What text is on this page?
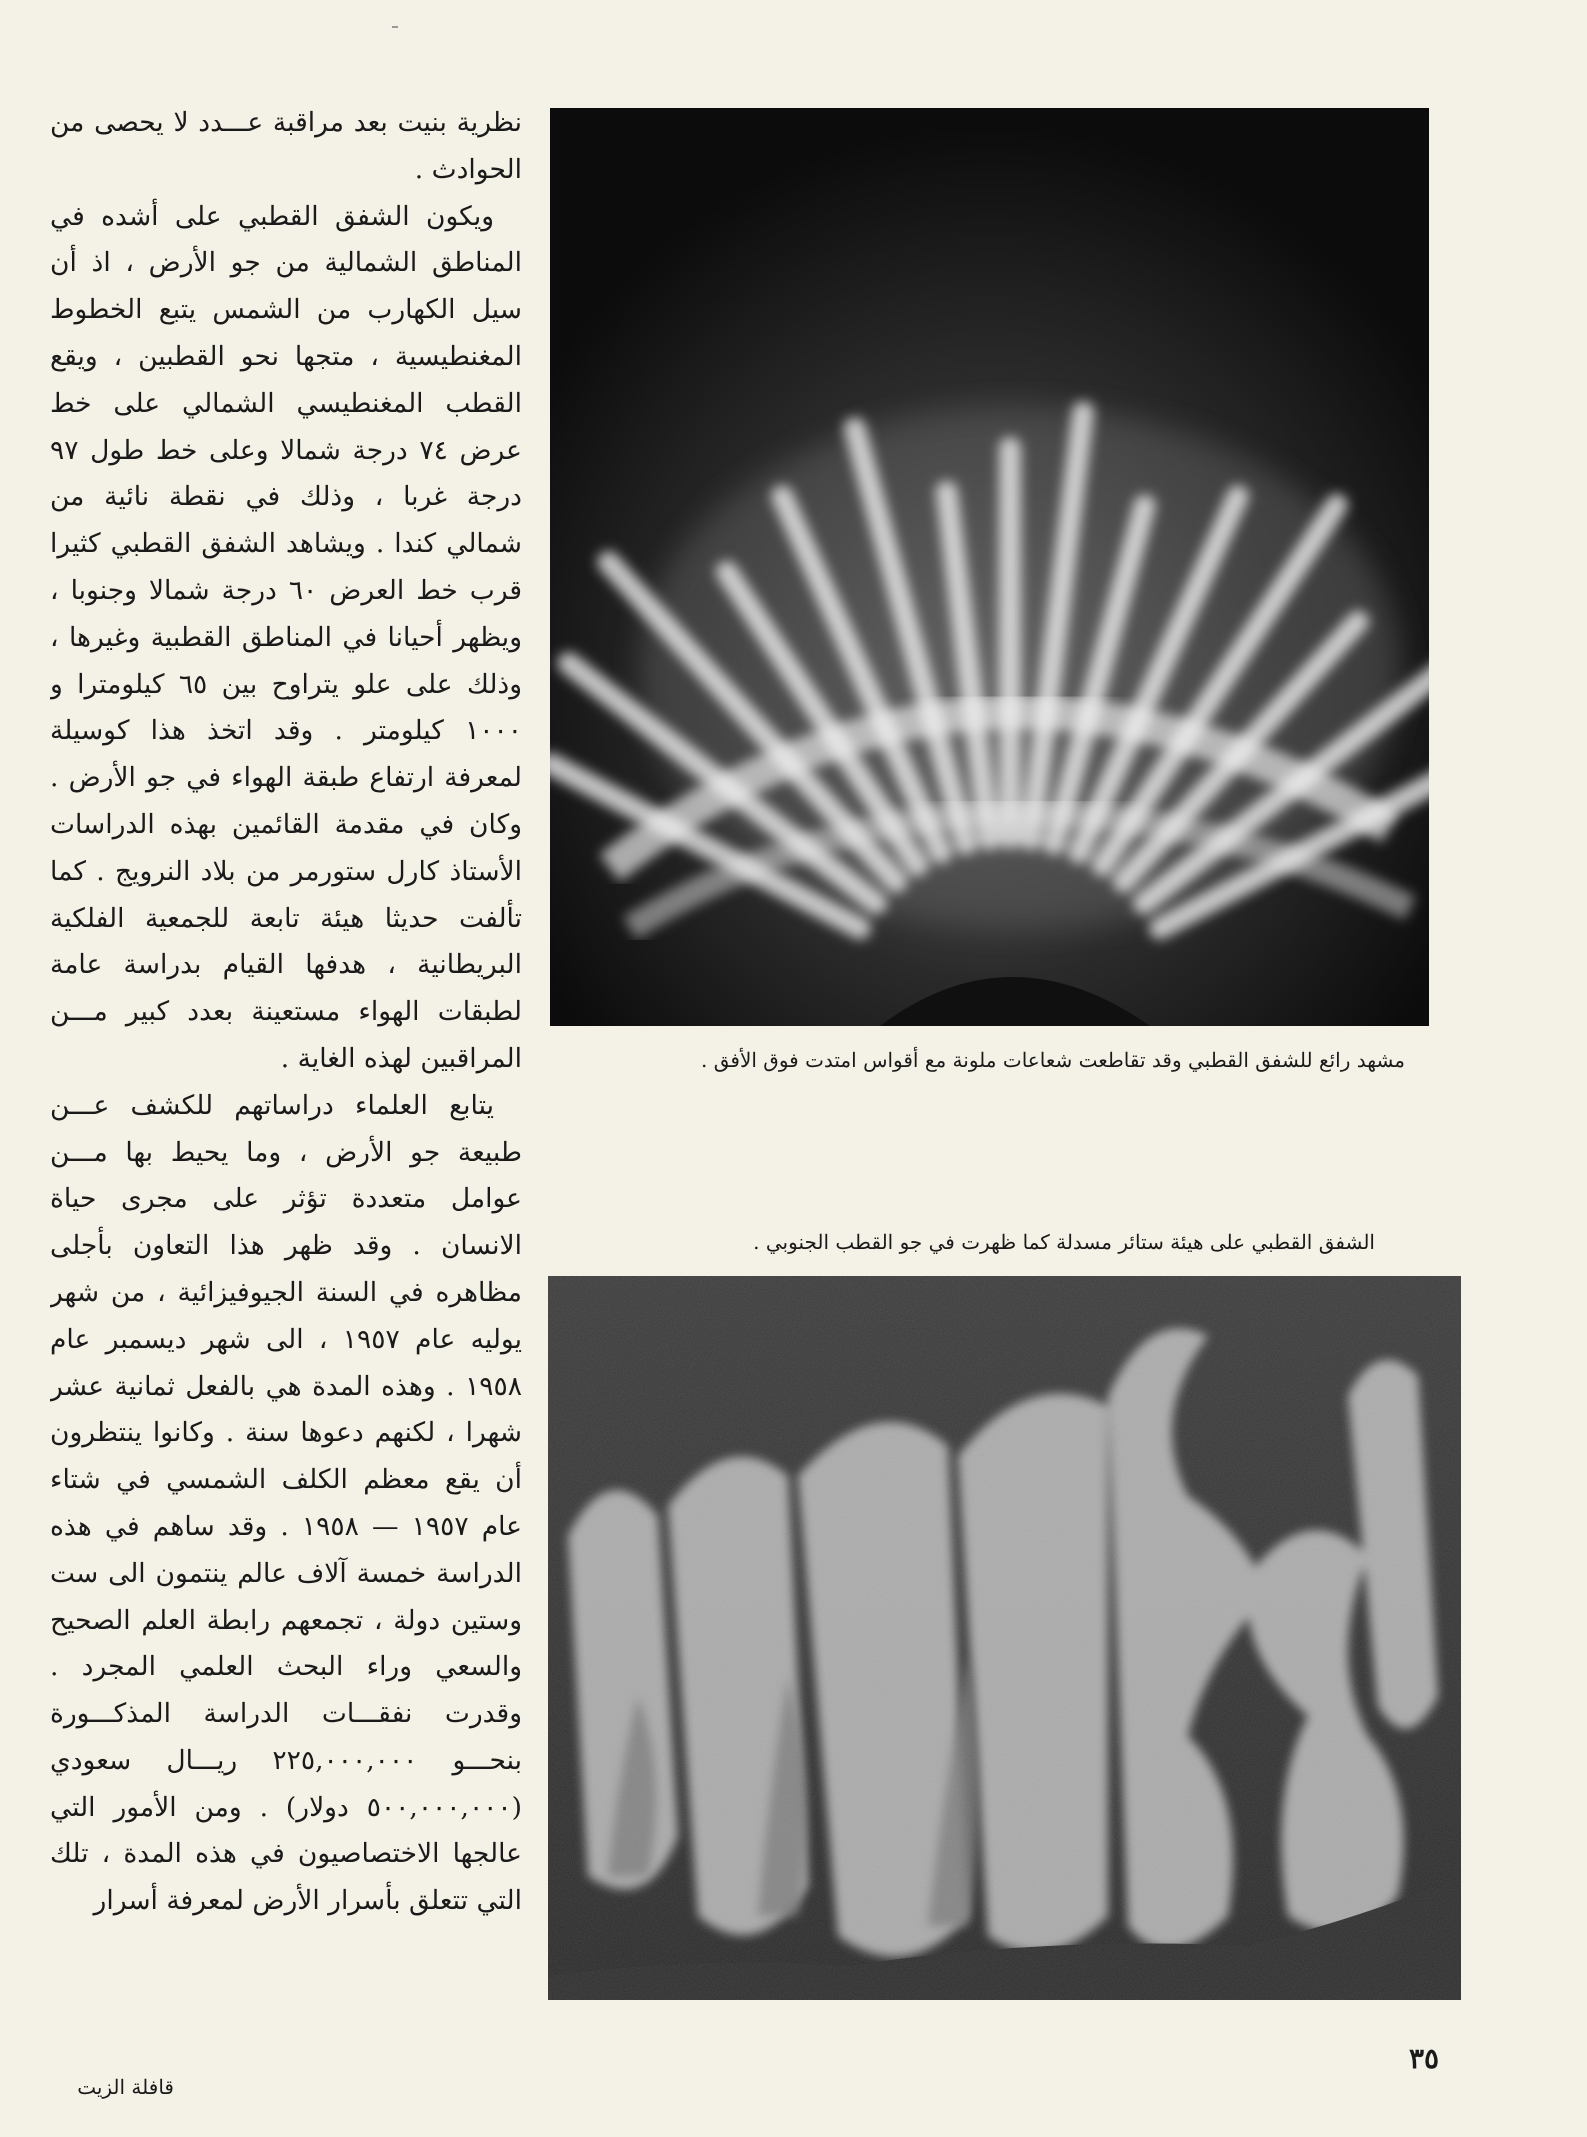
مشهد رائع للشفق القطبي وقد تقاطعت شعاعات ملونة مع أقواس امتدت فوق الأفق .
الشفق القطبي على هيئة ستائر مسدلة كما ظهرت في جو القطب الجنوبي .

نظرية بنيت بعد مراقبة عـــدد لا يحصى من الحوادث .

ويكون الشفق القطبي على أشده في المناطق الشمالية من جو الأرض ، اذ أن سيل الكهارب من الشمس يتبع الخطوط المغنطيسية ، متجها نحو القطبين ، ويقع القطب المغنطيسي الشمالي على خط عرض ٧٤ درجة شمالا وعلى خط طول ٩٧ درجة غربا ، وذلك في نقطة نائية من شمالي كندا . ويشاهد الشفق القطبي كثيرا قرب خط العرض ٦٠ درجة شمالا وجنوبا ، ويظهر أحيانا في المناطق القطبية وغيرها ، وذلك على علو يتراوح بين ٦٥ كيلومترا و ١٠٠٠ كيلومتر . وقد اتخذ هذا كوسيلة لمعرفة ارتفاع طبقة الهواء في جو الأرض . وكان في مقدمة القائمين بهذه الدراسات الأستاذ كارل ستورمر من بلاد النرويج . كما تألفت حديثا هيئة تابعة للجمعية الفلكية البريطانية ، هدفها القيام بدراسة عامة لطبقات الهواء مستعينة بعدد كبير مـــن المراقبين لهذه الغاية .

يتابع العلماء دراساتهم للكشف عـــن طبيعة جو الأرض ، وما يحيط بها مـــن عوامل متعددة تؤثر على مجرى حياة الانسان . وقد ظهر هذا التعاون بأجلى مظاهره في السنة الجيوفيزائية ، من شهر يوليه عام ١٩٥٧ ، الى شهر ديسمبر عام ١٩٥٨ . وهذه المدة هي بالفعل ثمانية عشر شهرا ، لكنهم دعوها سنة . وكانوا ينتظرون أن يقع معظم الكلف الشمسي في شتاء عام ١٩٥٧ — ١٩٥٨ . وقد ساهم في هذه الدراسة خمسة آلاف عالم ينتمون الى ست وستين دولة ، تجمعهم رابطة العلم الصحيح والسعي وراء البحث العلمي المجرد . وقدرت نفقـــات الدراسة المذكـــورة بنحـــو ٢٢٥,٠٠٠,٠٠٠ ريـــال سعودي (٥٠٠,٠٠٠,٠٠٠ دولار) . ومن الأمور التي عالجها الاختصاصيون في هذه المدة ، تلك التي تتعلق بأسرار الأرض لمعرفة أسرار

٣٥
قافلة الزيت
